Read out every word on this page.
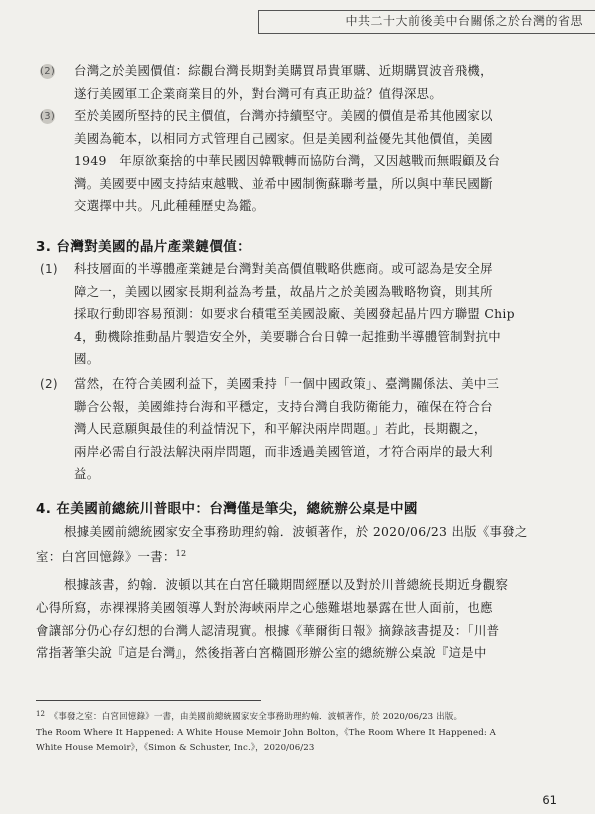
中共二十大前後美中台關係之於台灣的省思
(2) 台灣之於美國價值：綜觀台灣長期對美購買昂貴軍購、近期購買波音飛機，
遂行美國軍工企業商業目的外，對台灣可有真正助益？值得深思。
(3) 至於美國所堅持的民主價值，台灣亦持續堅守。美國的價值是希其他國家以
美國為範本，以相同方式管理自己國家。但是美國利益優先其他價值，美國
1949　年原欲棄捨的中華民國因韓戰轉而協防台灣，又因越戰而無暇顧及台
灣。美國要中國支持結束越戰、並希中國制衡蘇聯考量，所以與中華民國斷
交選擇中共。凡此種種歷史為鑑。
3. 台灣對美國的晶片產業鏈價值：
(1) 科技層面的半導體產業鏈是台灣對美高價值戰略供應商。或可認為是安全屏
障之一，美國以國家長期利益為考量，故晶片之於美國為戰略物資，則其所
採取行動即容易預測：如要求台積電至美國設廠、美國發起晶片四方聯盟 Chip
4，動機除推動晶片製造安全外，美要聯合台日韓一起推動半導體管制對抗中
國。
(2) 當然，在符合美國利益下，美國秉持「一個中國政策」、臺灣關係法、美中三
聯合公報，美國維持台海和平穩定，支持台灣自我防衛能力，確保在符合台
灣人民意願與最佳的利益情況下，和平解決兩岸問題。」若此，長期觀之，
兩岸必需自行設法解決兩岸問題，而非透過美國管道，才符合兩岸的最大利
益。
4. 在美國前總統川普眼中：台灣僅是筆尖，總統辦公桌是中國
根據美國前總統國家安全事務助理約翰．波頓著作，於 2020/06/23 出版《事發之
室：白宮回憶錄》一書：$^{12}$
根據該書，約翰．波頓以其在白宮任職期間經歷以及對於川普總統長期近身觀察
心得所寫，赤裸裸將美國領導人對於海峽兩岸之心態難堪地暴露在世人面前，也應
會讓部分仍心存幻想的台灣人認清現實。根據《華爾街日報》摘錄該書提及：「川普
常指著筆尖說『這是台灣』，然後指著白宮橢圓形辦公室的總統辦公桌說『這是中
$^{12}$　 《事發之室：白宮回憶錄》一書，由美國前總統國家安全事務助理約翰．波頓著作，於 2020/06/23 出版。
The Room Where It Happened: A White House Memoir John Bolton，《The Room Where It Happened: A
White House Memoir》，《Simon & Schuster, Inc.》，2020/06/23
61
